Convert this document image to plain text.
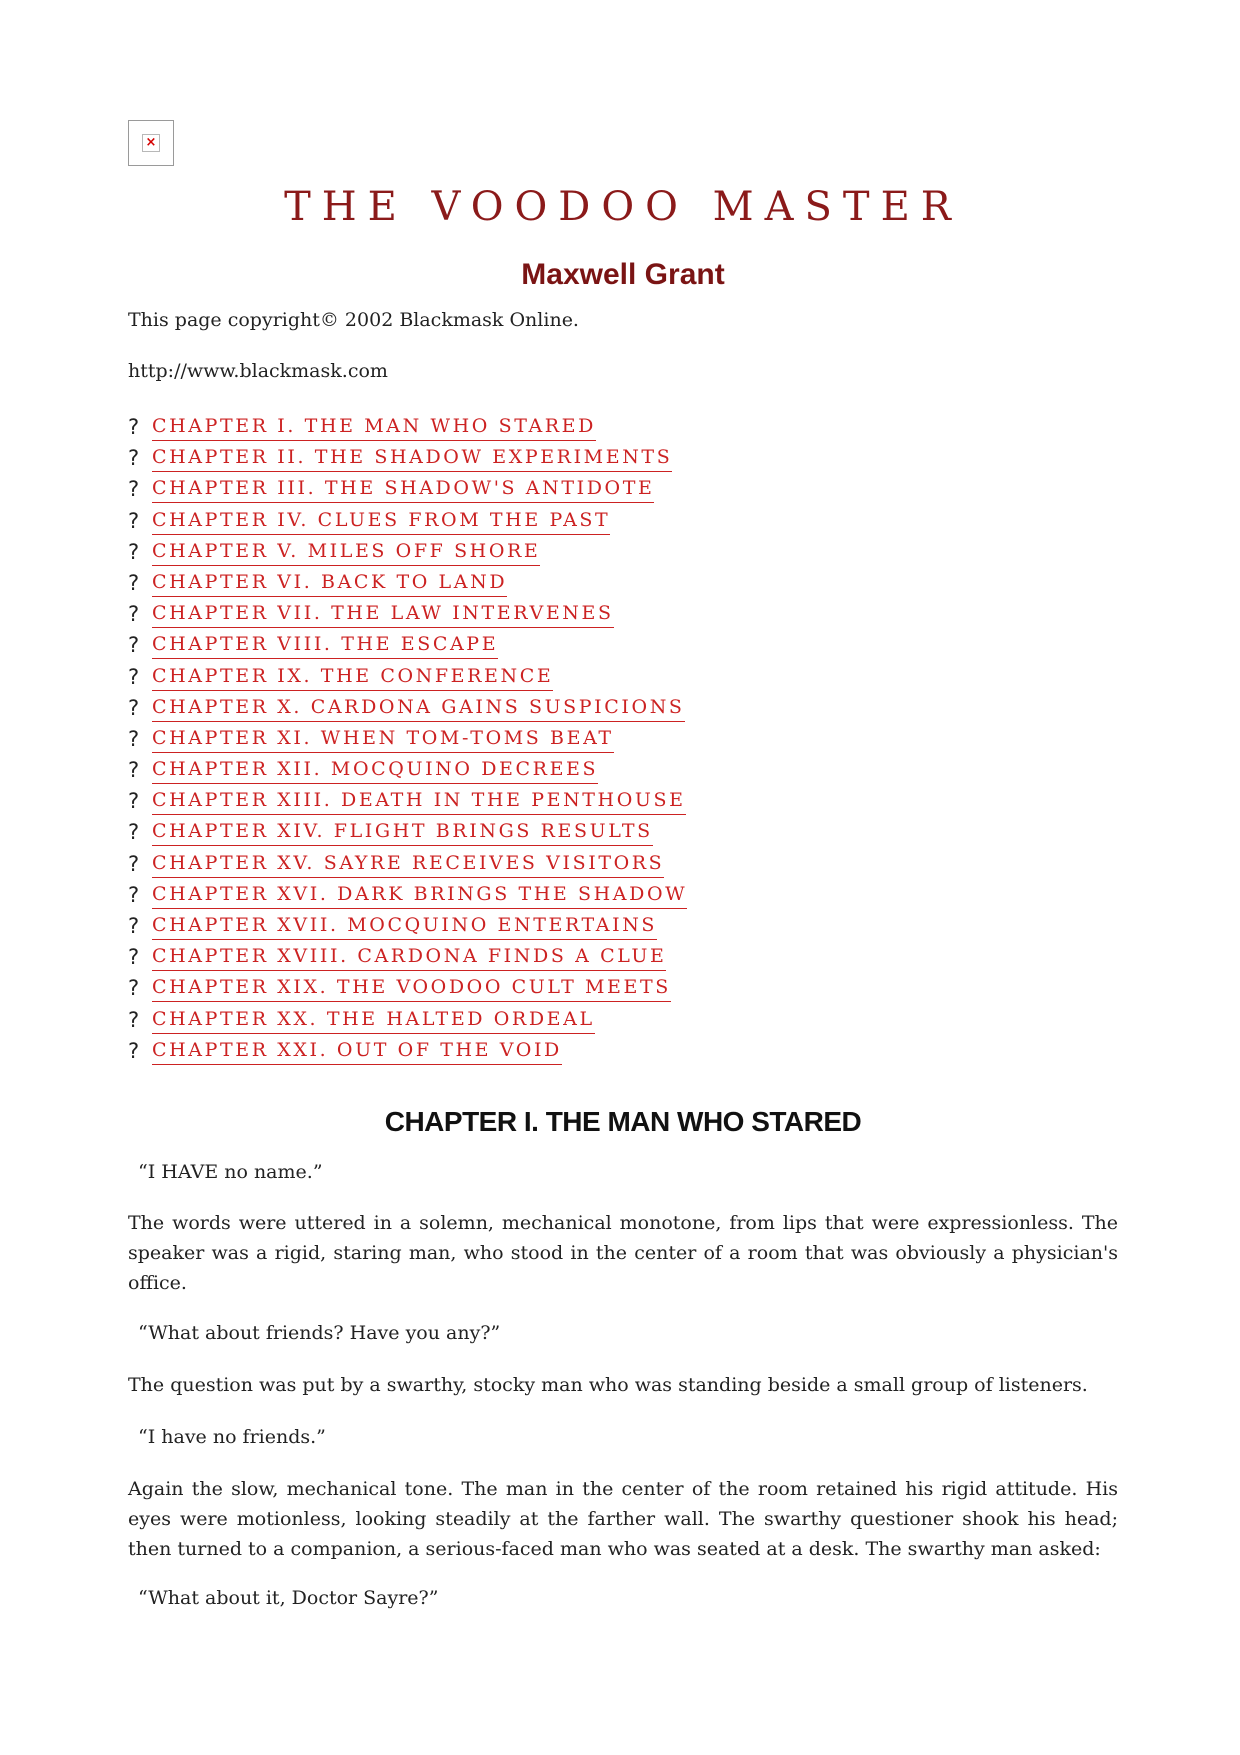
×
THE VOODOO MASTER
Maxwell Grant

This page copyright© 2002 Blackmask Online.

http://www.blackmask.com

? CHAPTER I. THE MAN WHO STARED
? CHAPTER II. THE SHADOW EXPERIMENTS
? CHAPTER III. THE SHADOW'S ANTIDOTE
? CHAPTER IV. CLUES FROM THE PAST
? CHAPTER V. MILES OFF SHORE
? CHAPTER VI. BACK TO LAND
? CHAPTER VII. THE LAW INTERVENES
? CHAPTER VIII. THE ESCAPE
? CHAPTER IX. THE CONFERENCE
? CHAPTER X. CARDONA GAINS SUSPICIONS
? CHAPTER XI. WHEN TOM-TOMS BEAT
? CHAPTER XII. MOCQUINO DECREES
? CHAPTER XIII. DEATH IN THE PENTHOUSE
? CHAPTER XIV. FLIGHT BRINGS RESULTS
? CHAPTER XV. SAYRE RECEIVES VISITORS
? CHAPTER XVI. DARK BRINGS THE SHADOW
? CHAPTER XVII. MOCQUINO ENTERTAINS
? CHAPTER XVIII. CARDONA FINDS A CLUE
? CHAPTER XIX. THE VOODOO CULT MEETS
? CHAPTER XX. THE HALTED ORDEAL
? CHAPTER XXI. OUT OF THE VOID
CHAPTER I. THE MAN WHO STARED

“I HAVE no name.”

The words were uttered in a solemn, mechanical monotone, from lips that were expressionless. The speaker was a rigid, staring man, who stood in the center of a room that was obviously a physician's office.

“What about friends? Have you any?”

The question was put by a swarthy, stocky man who was standing beside a small group of listeners.

“I have no friends.”

Again the slow, mechanical tone. The man in the center of the room retained his rigid attitude. His eyes were motionless, looking steadily at the farther wall. The swarthy questioner shook his head; then turned to a companion, a serious-faced man who was seated at a desk. The swarthy man asked:

“What about it, Doctor Sayre?”
